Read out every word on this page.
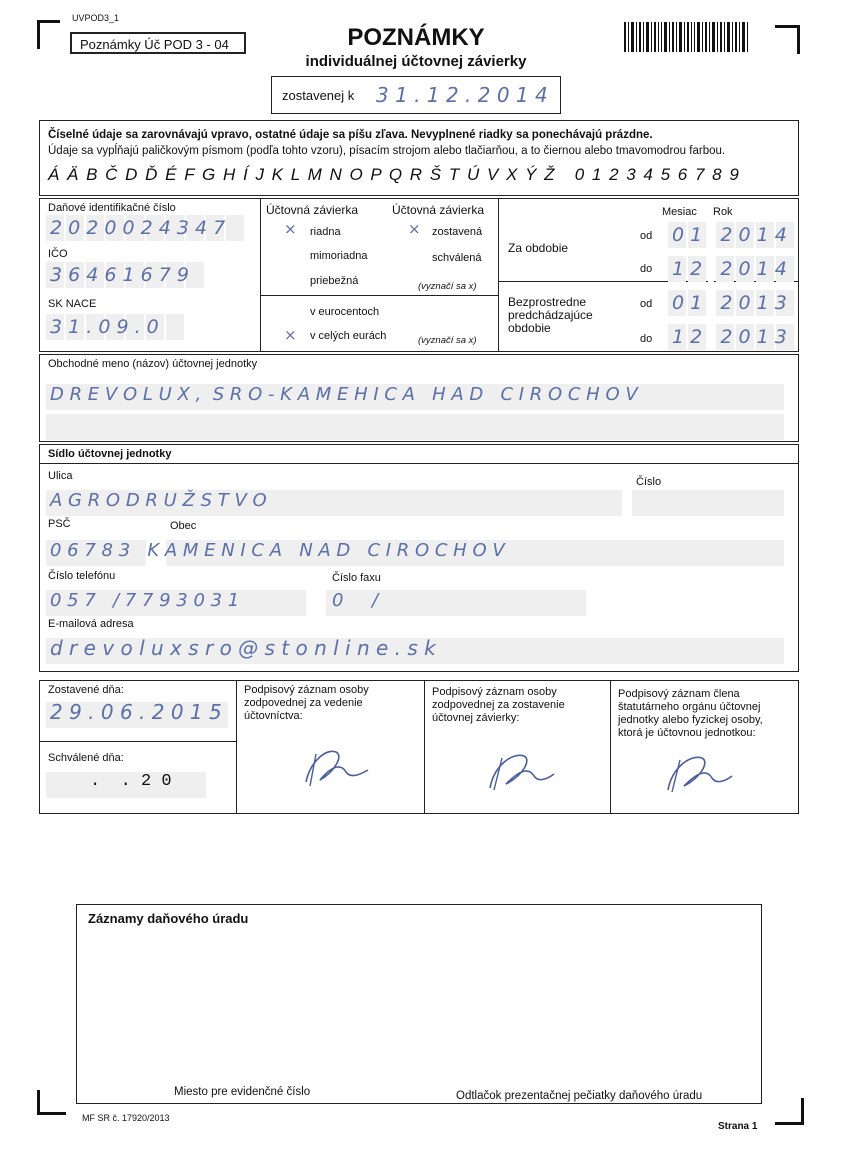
UVPOD3_1
Poznámky Úč POD 3 - 04	POZNÁMKY
individuálnej účtovnej závierky
zostavenej k 3 1 . 1 2 . 2 0 1 4
Číselné údaje sa zarovnávajú vpravo, ostatné údaje sa píšu zľava. Nevyplnené riadky sa ponechávajú prázdne.
Údaje sa vypĺňajú paličkovým písmom (podľa tohto vzoru), písacím strojom alebo tlačiarňou, a to čiernou alebo tmavomodrou farbou.
Á Ä B Č D Ď É F G H Í J K L M N O P Q R Š T Ú V X Ý Ž   0 1 2 3 4 5 6 7 8 9
Daňové identifikačné číslo
2 0 2 0 0 2 4 3 4 7
IČO
3 6 4 6 1 6 7 9
SK NACE
3 1 . 0 9 . 0
Účtovná závierka	Účtovná závierka
× riadna	× zostavená
mimoriadna	schválená
priebežná	(vyznačí sa x)
v eurocentoch
× v celých eurách	(vyznačí sa x)
Mesiac Rok
Za obdobie
od 0 1   2 0 1 4
do 1 2   2 0 1 4
Bezprostredne predchádzajúce obdobie
od 0 1   2 0 1 3
do 1 2   2 0 1 3
Obchodné meno (názov) účtovnej jednotky
D R E V O L U X ,  S R O - K A M E H I C A   H A D   C I R O C H O V
Sídlo účtovnej jednotky
Ulica	Číslo
A G R O D R U Ž S T V O
PSČ	Obec
0 6 7 8 3   K A M E N I C A   N A D   C I R O C H O V
Číslo telefónu	Číslo faxu
0 5 7   / 7 7 9 3 0 3 1	0     /
E-mailová adresa
d r e v o l u x s r o @ s t o n l i n e . s k
Zostavené dňa:
2 9 . 0 6 . 2 0 1 5
Schválené dňa:
.  . 2 0
Podpisový záznam osoby zodpovednej za vedenie účtovníctva:
Podpisový záznam osoby zodpovednej za zostavenie účtovnej závierky:
Podpisový záznam člena štatutárneho orgánu účtovnej jednotky alebo fyzickej osoby, ktorá je účtovnou jednotkou:
Záznamy daňového úradu
Miesto pre evidenčné číslo	Odtlačok prezentačnej pečiatky daňového úradu
MF SR č. 17920/2013
Strana 1
